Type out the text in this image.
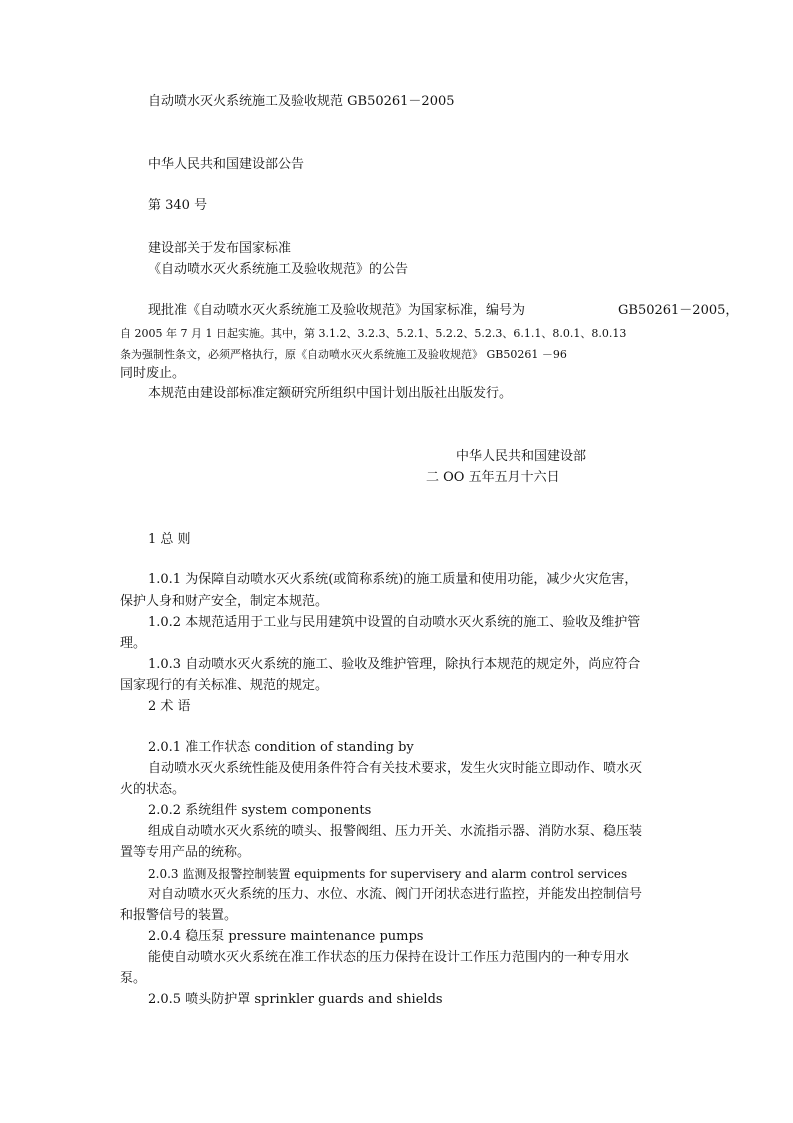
自动喷水灭火系统施工及验收规范 GB50261－2005
中华人民共和国建设部公告
第 340 号
建设部关于发布国家标准
《自动喷水灭火系统施工及验收规范》的公告
现批准《自动喷水灭火系统施工及验收规范》为国家标准，编号为	GB50261－2005，
自 2005 年 7 月 1 日起实施。其中，第 3.1.2、3.2.3、5.2.1、5.2.2、5.2.3、6.1.1、8.0.1、8.0.13
条为强制性条文，必须严格执行，原《自动喷水灭火系统施工及验收规范》 GB50261 －96
同时废止。
本规范由建设部标准定额研究所组织中国计划出版社出版发行。
中华人民共和国建设部
二 OO 五年五月十六日
1 总 则
1.0.1 为保障自动喷水灭火系统(或简称系统)的施工质量和使用功能，减少火灾危害，
保护人身和财产安全，制定本规范。
1.0.2 本规范适用于工业与民用建筑中设置的自动喷水灭火系统的施工、验收及维护管
理。
1.0.3 自动喷水灭火系统的施工、验收及维护管理，除执行本规范的规定外，尚应符合
国家现行的有关标准、规范的规定。
2 术 语
2.0.1 准工作状态 condition of standing by
自动喷水灭火系统性能及使用条件符合有关技术要求，发生火灾时能立即动作、喷水灭
火的状态。
2.0.2 系统组件 system components
组成自动喷水灭火系统的喷头、报警阀组、压力开关、水流指示器、消防水泵、稳压装
置等专用产品的统称。
2.0.3 监测及报警控制装置 equipments for supervisery and alarm control services
对自动喷水灭火系统的压力、水位、水流、阀门开闭状态进行监控，并能发出控制信号
和报警信号的装置。
2.0.4 稳压泵 pressure maintenance pumps
能使自动喷水灭火系统在准工作状态的压力保持在设计工作压力范围内的一种专用水
泵。
2.0.5 喷头防护罩 sprinkler guards and shields
